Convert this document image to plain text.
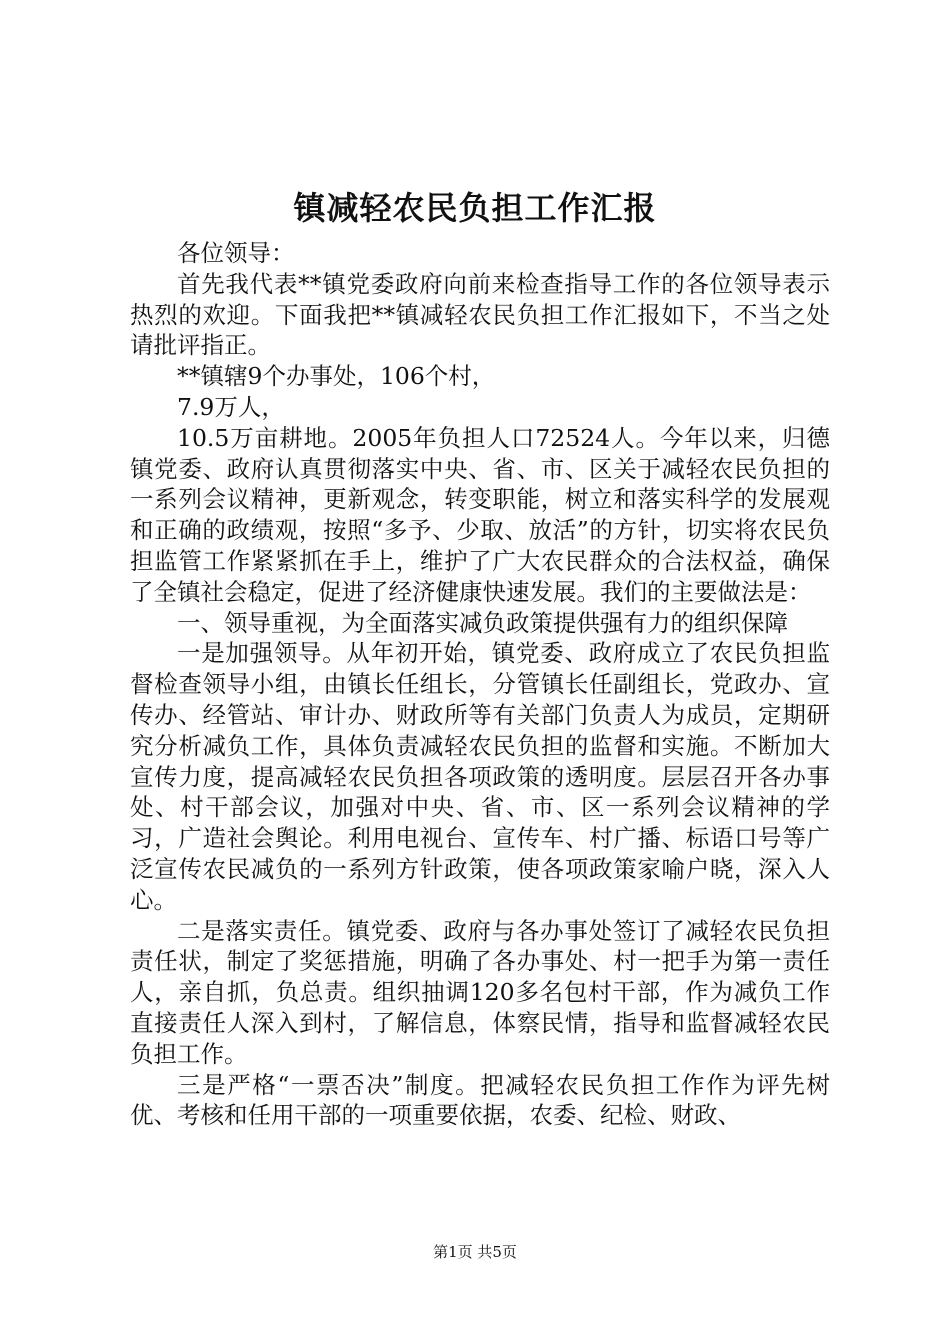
镇减轻农民负担工作汇报

各位领导：

首先我代表**镇党委政府向前来检查指导工作的各位领导表示热烈的欢迎。下面我把**镇减轻农民负担工作汇报如下，不当之处请批评指正。

**镇辖9个办事处，106个村，

7.9万人，

10.5万亩耕地。2005年负担人口72524人。今年以来，归德镇党委、政府认真贯彻落实中央、省、市、区关于减轻农民负担的一系列会议精神，更新观念，转变职能，树立和落实科学的发展观和正确的政绩观，按照“多予、少取、放活”的方针，切实将农民负担监管工作紧紧抓在手上，维护了广大农民群众的合法权益，确保了全镇社会稳定，促进了经济健康快速发展。我们的主要做法是：

一、领导重视，为全面落实减负政策提供强有力的组织保障

一是加强领导。从年初开始，镇党委、政府成立了农民负担监督检查领导小组，由镇长任组长，分管镇长任副组长，党政办、宣传办、经管站、审计办、财政所等有关部门负责人为成员，定期研究分析减负工作，具体负责减轻农民负担的监督和实施。不断加大宣传力度，提高减轻农民负担各项政策的透明度。层层召开各办事处、村干部会议，加强对中央、省、市、区一系列会议精神的学习，广造社会舆论。利用电视台、宣传车、村广播、标语口号等广泛宣传农民减负的一系列方针政策，使各项政策家喻户晓，深入人心。

二是落实责任。镇党委、政府与各办事处签订了减轻农民负担责任状，制定了奖惩措施，明确了各办事处、村一把手为第一责任人，亲自抓，负总责。组织抽调120多名包村干部，作为减负工作直接责任人深入到村，了解信息，体察民情，指导和监督减轻农民负担工作。

三是严格“一票否决”制度。把减轻农民负担工作作为评先树优、考核和任用干部的一项重要依据，农委、纪检、财政、

第1页 共5页
